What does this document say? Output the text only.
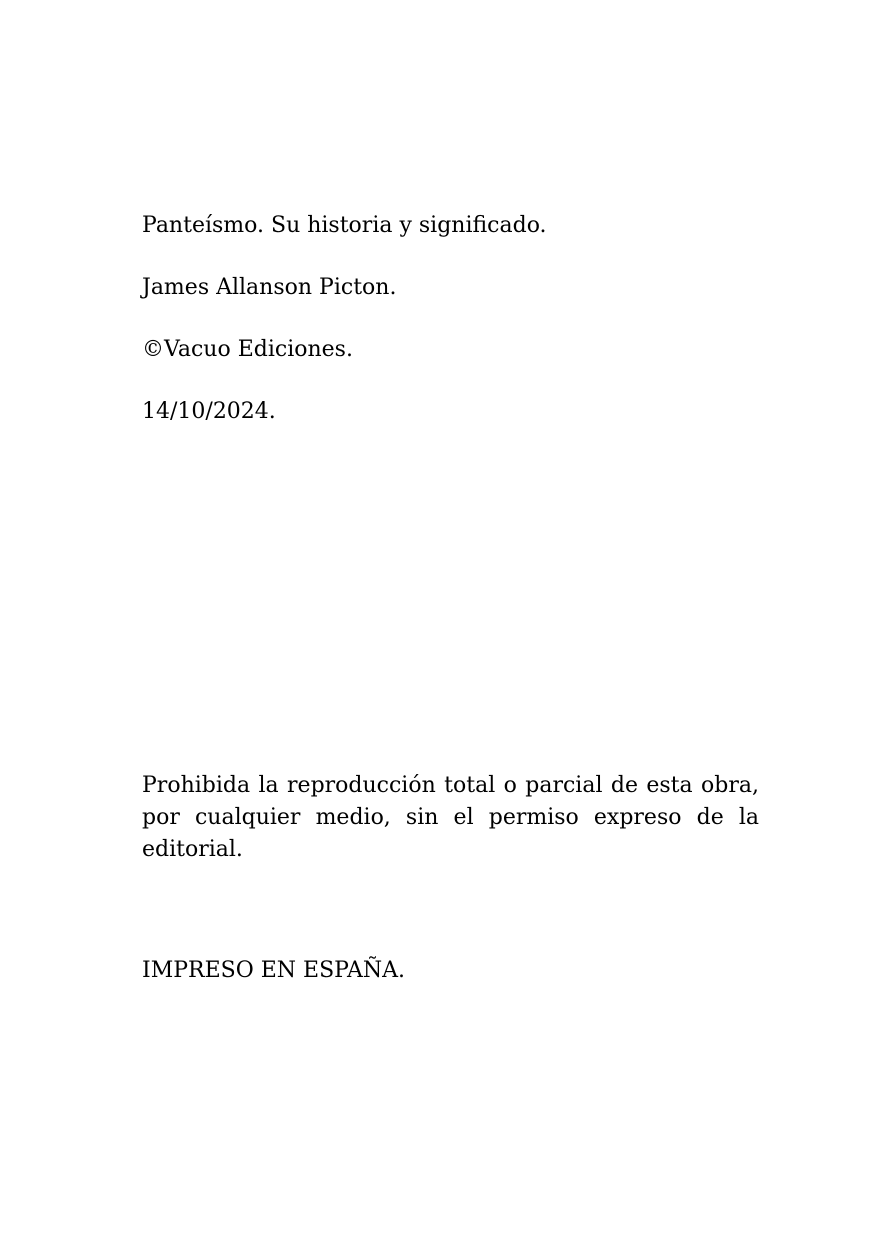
Panteísmo. Su historia y significado.
James Allanson Picton.
©Vacuo Ediciones.
14/10/2024.
Prohibida la reproducción total o parcial de esta obra, por cualquier medio, sin el permiso expreso de la editorial.
IMPRESO EN ESPAÑA.
